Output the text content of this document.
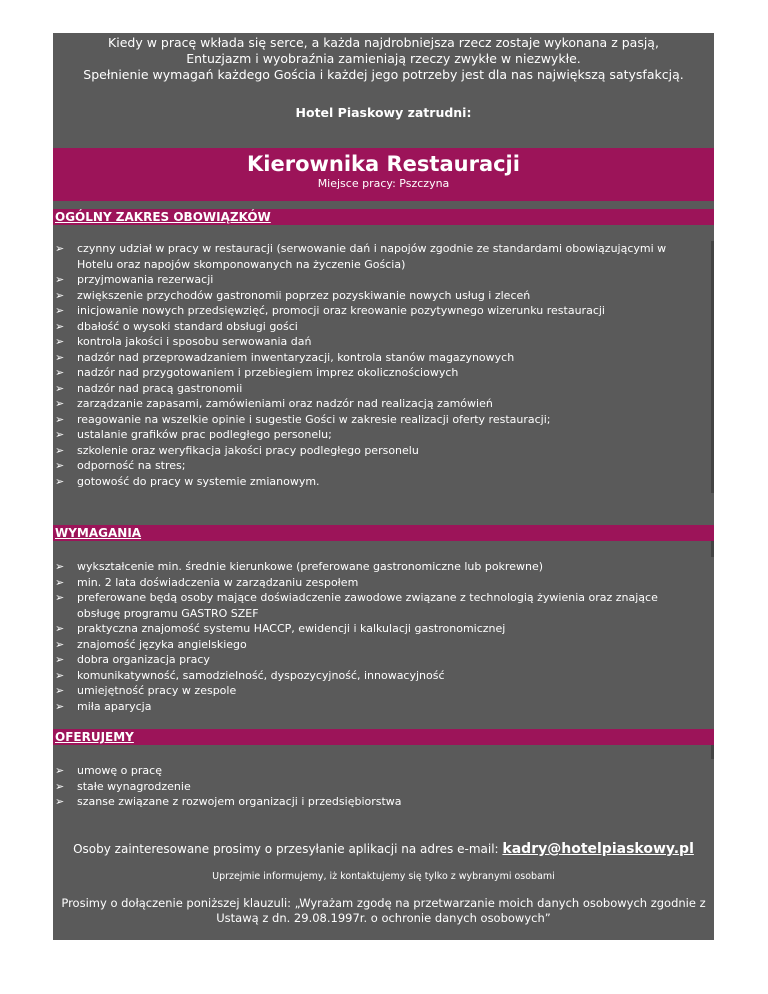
Kiedy w pracę wkłada się serce, a każda najdrobniejsza rzecz zostaje wykonana z pasją,
Entuzjazm i wyobraźnia zamieniają rzeczy zwykłe w niezwykłe.
Spełnienie wymagań każdego Gościa i każdej jego potrzeby jest dla nas największą satysfakcją.
Hotel Piaskowy zatrudni:
Kierownika Restauracji
Miejsce pracy: Pszczyna
OGÓLNY ZAKRES OBOWIĄZKÓW
➢ czynny udział w pracy w restauracji (serwowanie dań i napojów zgodnie ze standardami obowiązującymi w Hotelu oraz napojów skomponowanych na życzenie Gościa)
➢ przyjmowania rezerwacji
➢ zwiększenie przychodów gastronomii poprzez pozyskiwanie nowych usług i zleceń
➢ inicjowanie nowych przedsięwzięć, promocji oraz kreowanie pozytywnego wizerunku restauracji
➢ dbałość o wysoki standard obsługi gości
➢ kontrola jakości i sposobu serwowania dań
➢ nadzór nad przeprowadzaniem inwentaryzacji, kontrola stanów magazynowych
➢ nadzór nad przygotowaniem i przebiegiem imprez okolicznościowych
➢ nadzór nad pracą gastronomii
➢ zarządzanie zapasami, zamówieniami oraz nadzór nad realizacją zamówień
➢ reagowanie na wszelkie opinie i sugestie Gości w zakresie realizacji oferty restauracji;
➢ ustalanie grafików prac podległego personelu;
➢ szkolenie oraz weryfikacja jakości pracy podległego personelu
➢ odporność na stres;
➢ gotowość do pracy w systemie zmianowym.
WYMAGANIA
➢ wykształcenie min. średnie kierunkowe (preferowane gastronomiczne lub pokrewne)
➢ min. 2 lata doświadczenia w zarządzaniu zespołem
➢ preferowane będą osoby mające doświadczenie zawodowe związane z technologią żywienia oraz znające obsługę programu GASTRO SZEF
➢ praktyczna znajomość systemu HACCP, ewidencji i kalkulacji gastronomicznej
➢ znajomość języka angielskiego
➢ dobra organizacja pracy
➢ komunikatywność, samodzielność, dyspozycyjność, innowacyjność
➢ umiejętność pracy w zespole
➢ miła aparycja
OFERUJEMY
➢ umowę o pracę
➢ stałe wynagrodzenie
➢ szanse związane z rozwojem organizacji i przedsiębiorstwa
Osoby zainteresowane prosimy o przesyłanie aplikacji na adres e-mail: kadry@hotelpiaskowy.pl
Uprzejmie informujemy, iż kontaktujemy się tylko z wybranymi osobami
Prosimy o dołączenie poniższej klauzuli: „Wyrażam zgodę na przetwarzanie moich danych osobowych zgodnie z
Ustawą z dn. 29.08.1997r. o ochronie danych osobowych”
